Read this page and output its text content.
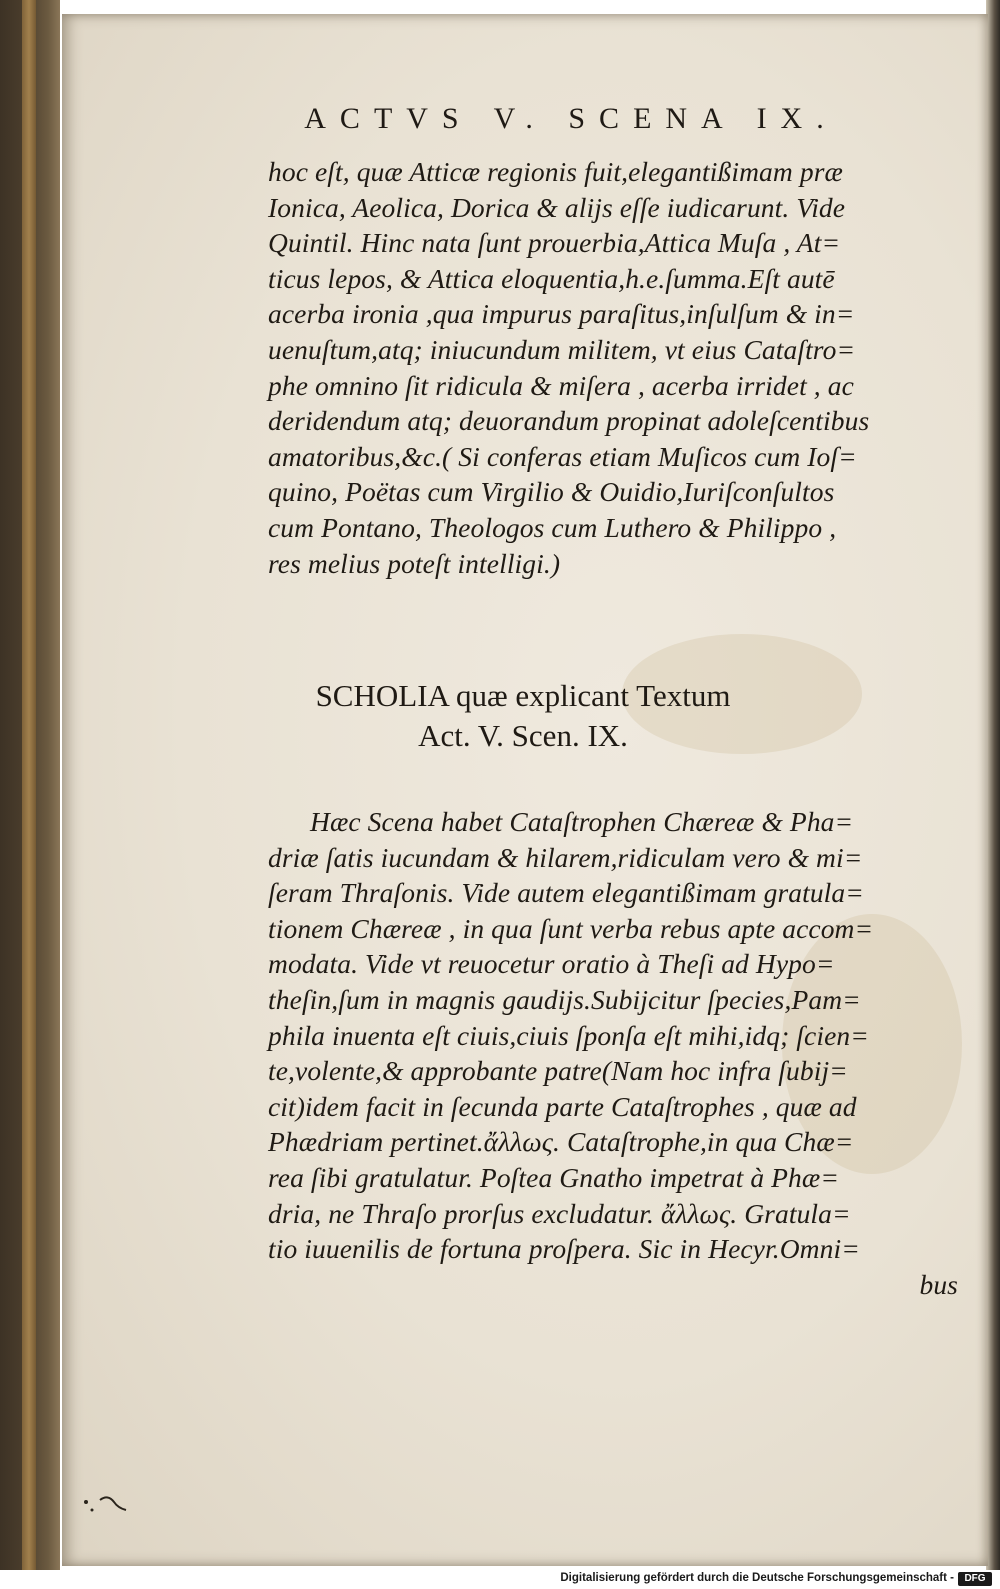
ACTVS V. SCENA IX.
hoc eſt, quæ Atticæ regionis fuit,elegantißimam præ
Ionica, Aeolica, Dorica & aliјs eſſe iudicarunt. Vide
Quintil. Hinc nata ſunt prouerbia,Attica Muſa , At=
ticus lepos, & Attica eloquentia,h.e.ſumma.Eſt autē
acerba ironia ,qua impurus paraſitus,inſulſum & in=
uenuſtum,atq; iniucundum militem, vt eius Cataſtro=
phe omnino ſit ridicula & miſera , acerba irridet , ac
deridendum atq; deuorandum propinat adoleſcentibus
amatoribus,&c.( Si conferas etiam Muſicos cum Ioſ=
quino, Poëtas cum Virgilio & Ouidio,Iuriſconſultos
cum Pontano, Theologos cum Luthero & Philippo ,
res melius poteſt intelligi.)
SCHOLIA quæ explicant Textum
Act. V. Scen. IX.
Hæc Scena habet Cataſtrophen Chæreæ & Pha=
driæ ſatis iucundam & hilarem,ridiculam vero & mi=
ſeram Thraſonis. Vide autem elegantißimam gratula=
tionem Chæreæ , in qua ſunt verba rebus apte accom=
modata. Vide vt reuocetur oratio à Theſi ad Hypo=
theſin,ſum in magnis gaudiјs.Subiјcitur ſpecies,Pam=
phila inuenta eſt ciuis,ciuis ſponſa eſt mihi,idq; ſcien=
te,volente,& approbante patre(Nam hoc infra ſubiј=
cit)idem facit in ſecunda parte Cataſtrophes , quæ ad
Phædriam pertinet.ἄλλως. Cataſtrophe,in qua Chæ=
rea ſibi gratulatur. Poſtea Gnatho impetrat à Phæ=
dria, ne Thraſo prorſus excludatur. ἄλλως. Gratula=
tio iuuenilis de fortuna proſpera. Sic in Hecyr.Omni=
bus
Digitalisierung gefördert durch die Deutsche Forschungsgemeinschaft -	DFG
